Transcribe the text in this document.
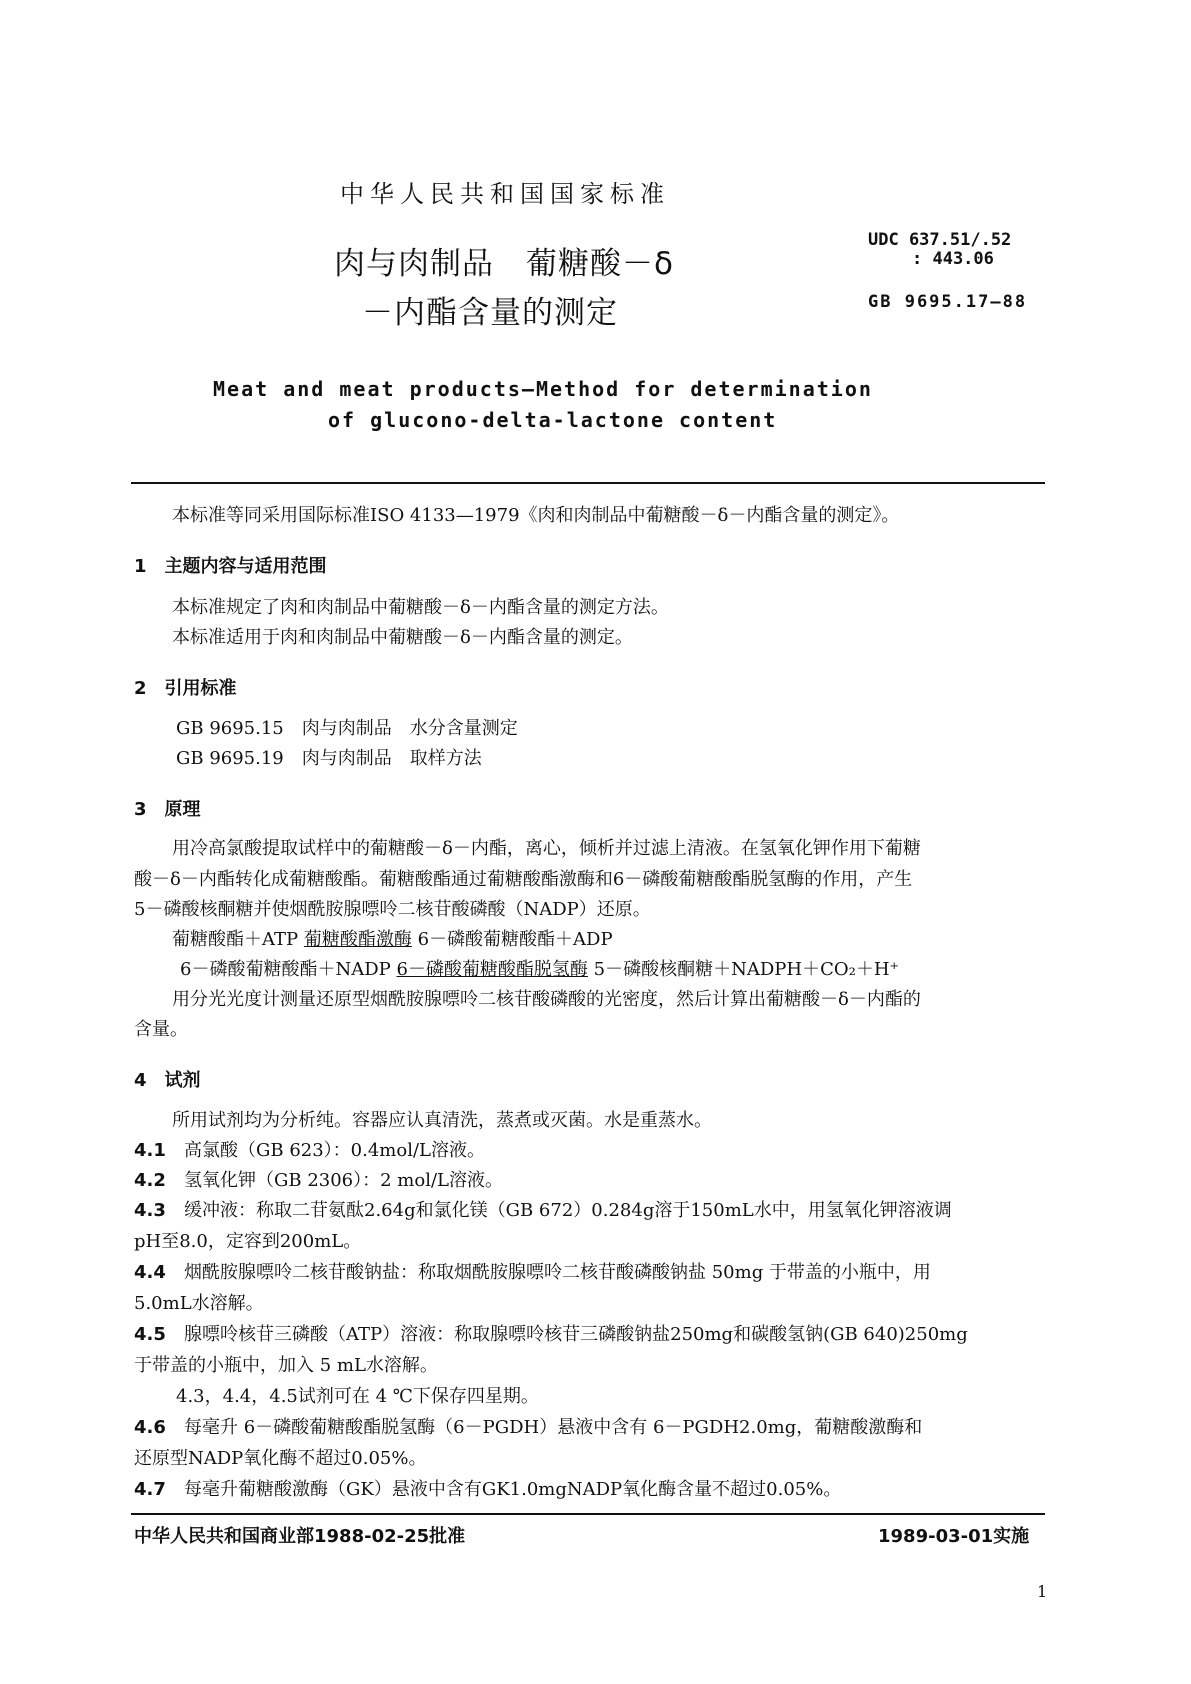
中华人民共和国国家标准
肉与肉制品　葡糖酸－δ
－内酯含量的测定
UDC 637.51/.52
: 443.06
GB 9695.17—88
Meat and meat products—Method for determination
of glucono-delta-lactone content
本标准等同采用国际标准ISO 4133—1979《肉和肉制品中葡糖酸－δ－内酯含量的测定》。
1　主题内容与适用范围
本标准规定了肉和肉制品中葡糖酸－δ－内酯含量的测定方法。
本标准适用于肉和肉制品中葡糖酸－δ－内酯含量的测定。
2　引用标准
GB 9695.15　肉与肉制品　水分含量测定
GB 9695.19　肉与肉制品　取样方法
3　原理
用冷高氯酸提取试样中的葡糖酸－δ－内酯，离心，倾析并过滤上清液。在氢氧化钾作用下葡糖
酸－δ－内酯转化成葡糖酸酯。葡糖酸酯通过葡糖酸酯激酶和6－磷酸葡糖酸酯脱氢酶的作用，产生
5－磷酸核酮糖并使烟酰胺腺嘌呤二核苷酸磷酸（NADP）还原。
葡糖酸酯＋ATP 葡糖酸酯激酶 6－磷酸葡糖酸酯＋ADP
6－磷酸葡糖酸酯＋NADP 6－磷酸葡糖酸酯脱氢酶 5－磷酸核酮糖＋NADPH＋CO₂＋H⁺
用分光光度计测量还原型烟酰胺腺嘌呤二核苷酸磷酸的光密度，然后计算出葡糖酸－δ－内酯的
含量。
4　试剂
所用试剂均为分析纯。容器应认真清洗，蒸煮或灭菌。水是重蒸水。
4.1 高氯酸（GB 623）：0.4mol/L溶液。
4.2 氢氧化钾（GB 2306）：2 mol/L溶液。
4.3 缓冲液：称取二苷氨酞2.64g和氯化镁（GB 672）0.284g溶于150mL水中，用氢氧化钾溶液调
pH至8.0，定容到200mL。
4.4 烟酰胺腺嘌呤二核苷酸钠盐：称取烟酰胺腺嘌呤二核苷酸磷酸钠盐 50mg 于带盖的小瓶中，用
5.0mL水溶解。
4.5 腺嘌呤核苷三磷酸（ATP）溶液：称取腺嘌呤核苷三磷酸钠盐250mg和碳酸氢钠(GB 640)250mg
于带盖的小瓶中，加入 5 mL水溶解。
4.3，4.4，4.5试剂可在 4 ℃下保存四星期。
4.6 每毫升 6－磷酸葡糖酸酯脱氢酶（6－PGDH）悬液中含有 6－PGDH2.0mg，葡糖酸激酶和
还原型NADP氧化酶不超过0.05%。
4.7 每毫升葡糖酸激酶（GK）悬液中含有GK1.0mgNADP氧化酶含量不超过0.05%。
中华人民共和国商业部1988-02-25批准	1989-03-01实施
1
